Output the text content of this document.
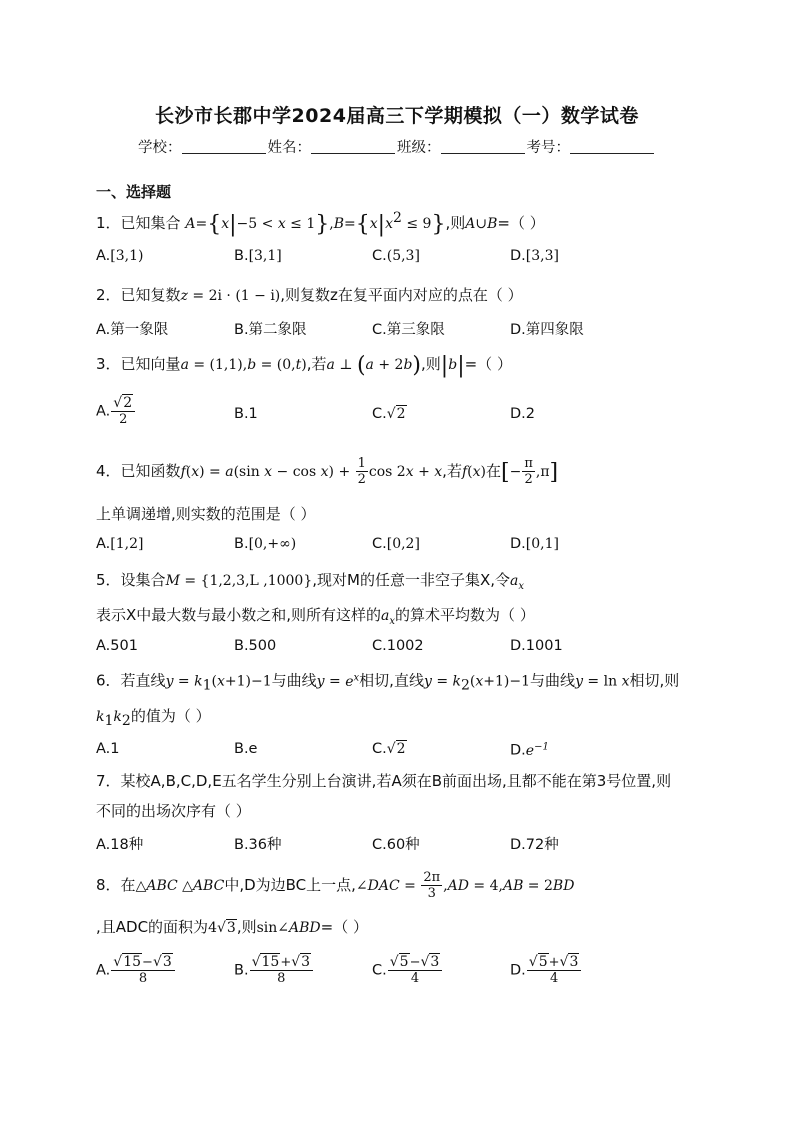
长沙市长郡中学2024届高三下学期模拟（一）数学试卷
学校：	姓名：	班级：	考号：
一、选择题
1．已知集合 $A=\{x|-5 < x \le 1\},B=\{x|x^2 \le 9\}$,则A∪B=（ ）
A.[3,1)	B.[3,1]	C.(5,3]	D.[3,3]
2．已知复数z = 2i · (1 − i),则复数z在复平面内对应的点在（ ）
A.第一象限	B.第二象限	C.第三象限	D.第四象限
3．已知向量a = (1,1),b = (0,t),若a ⊥ (a + 2b),则|b|=（ ）
A. $\frac{√2}{2}$	B.1	C.√2	D.2
4．已知函数f(x) = a(sin $x - \cos x) + \frac{1}{2}$ cos 2x + x,若f(x)在[− $\frac{\pi}{2} ,\pi$]
上单调递增,则实数的范围是（ ）
A.[1,2]	B.[0,+∞)	C.[0,2]	D.[0,1]
5．设集合M = {1,2,3,L ,1000},现对M的任意一非空子集X,令$a_x$
表示X中最大数与最小数之和,则所有这样的$a_x$的算术平均数为（ ）
A.501	B.500	C.1002	D.1001
6．若直线$y = k_1(x+1)-1$与曲线$y = e^x$相切,直线$y = k_2(x+1)-1$与曲线y = ln x相切,则
$k_1k_2$的值为（ ）
A.1	B.e	C.√2	$D.e^{-1}$
7．某校A,B,C,D,E五名学生分别上台演讲,若A须在B前面出场,且都不能在第3号位置,则
不同的出场次序有（ ）
A.18种	B.36种	C.60种	D.72种
8．在△ABC △ABC中,D为边BC上一点,∠DAC = $\frac{2\pi}{3} ,AD = 4,AB = 2BD$
,且ADC的面积为4√3,则sin∠ABD=（ ）
A. $\frac{√15-√3}{8}$	B. $\frac{√15+√3}{8}$	C. $\frac{√5-√3}{4}$	D. $\frac{√5+√3}{4}$
